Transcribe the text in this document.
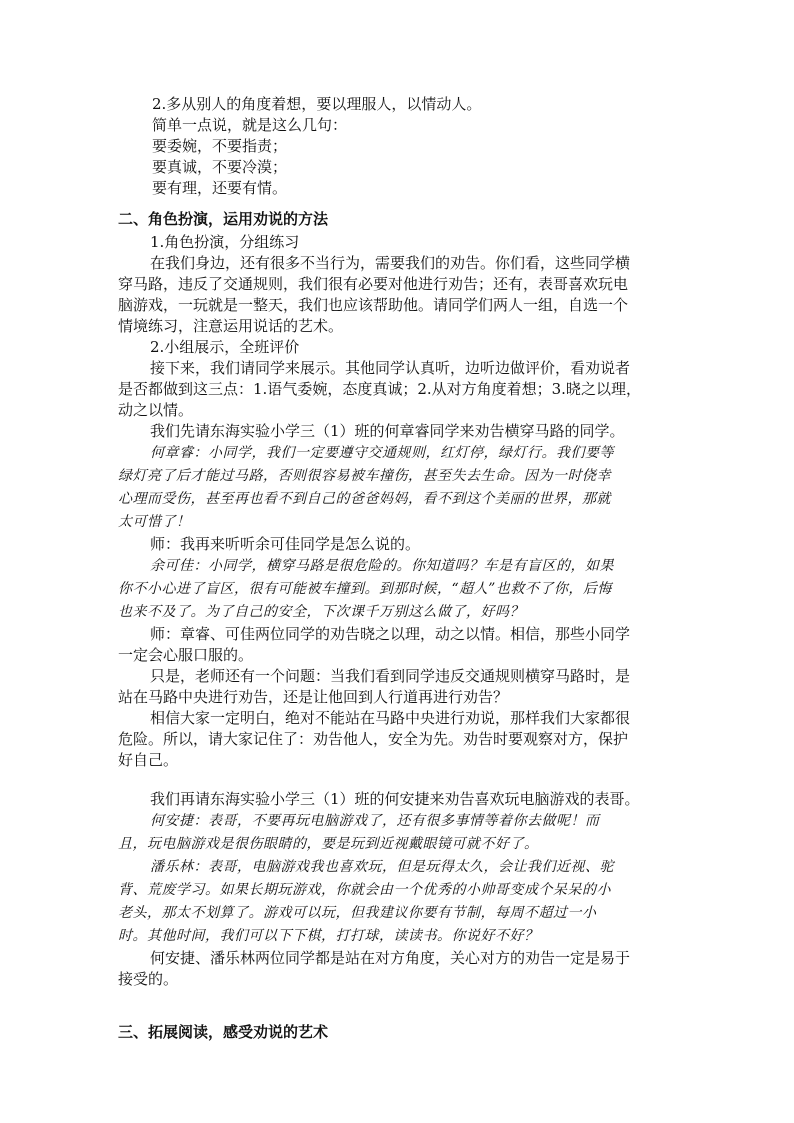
2.多从别人的角度着想，要以理服人，以情动人。
简单一点说，就是这么几句：
要委婉，不要指责；
要真诚，不要冷漠；
要有理，还要有情。
二、角色扮演，运用劝说的方法
1.角色扮演，分组练习
在我们身边，还有很多不当行为，需要我们的劝告。你们看，这些同学横
穿马路，违反了交通规则，我们很有必要对他进行劝告；还有，表哥喜欢玩电
脑游戏，一玩就是一整天，我们也应该帮助他。请同学们两人一组，自选一个
情境练习，注意运用说话的艺术。
2.小组展示，全班评价
接下来，我们请同学来展示。其他同学认真听，边听边做评价，看劝说者
是否都做到这三点：1.语气委婉，态度真诚；2.从对方角度着想；3.晓之以理，
动之以情。
我们先请东海实验小学三（1）班的何章睿同学来劝告横穿马路的同学。
何章睿：小同学，我们一定要遵守交通规则，红灯停，绿灯行。我们要等
绿灯亮了后才能过马路，否则很容易被车撞伤，甚至失去生命。因为一时侥幸
心理而受伤，甚至再也看不到自己的爸爸妈妈，看不到这个美丽的世界，那就
太可惜了！
师：我再来听听余可佳同学是怎么说的。
余可佳：小同学，横穿马路是很危险的。你知道吗？车是有盲区的，如果
你不小心进了盲区，很有可能被车撞到。到那时候，“超人”也救不了你，后悔
也来不及了。为了自己的安全，下次课千万别这么做了，好吗？
师：章睿、可佳两位同学的劝告晓之以理，动之以情。相信，那些小同学
一定会心服口服的。
只是，老师还有一个问题：当我们看到同学违反交通规则横穿马路时，是
站在马路中央进行劝告，还是让他回到人行道再进行劝告？
相信大家一定明白，绝对不能站在马路中央进行劝说，那样我们大家都很
危险。所以，请大家记住了：劝告他人，安全为先。劝告时要观察对方，保护
好自己。
我们再请东海实验小学三（1）班的何安捷来劝告喜欢玩电脑游戏的表哥。
何安捷：表哥，不要再玩电脑游戏了，还有很多事情等着你去做呢！而
且，玩电脑游戏是很伤眼睛的，要是玩到近视戴眼镜可就不好了。
潘乐林：表哥，电脑游戏我也喜欢玩，但是玩得太久，会让我们近视、驼
背、荒废学习。如果长期玩游戏，你就会由一个优秀的小帅哥变成个呆呆的小
老头，那太不划算了。游戏可以玩，但我建议你要有节制，每周不超过一小
时。其他时间，我们可以下下棋，打打球，读读书。你说好不好？
何安捷、潘乐林两位同学都是站在对方角度，关心对方的劝告一定是易于
接受的。
三、拓展阅读，感受劝说的艺术
